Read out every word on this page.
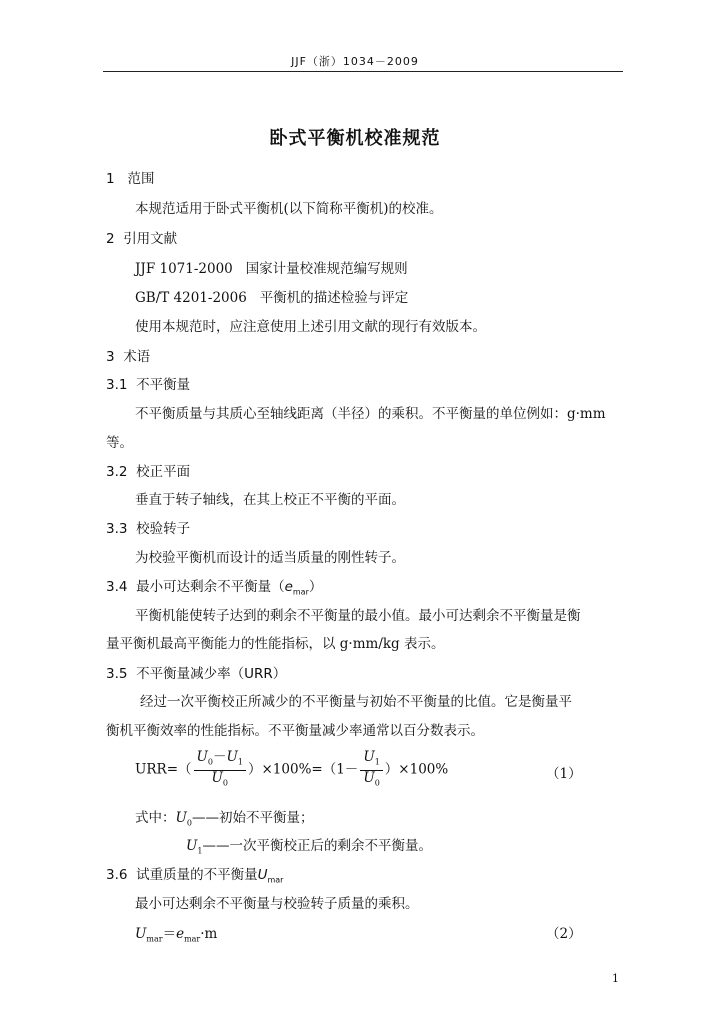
JJF（浙）1034－2009
卧式平衡机校准规范
1 范围
本规范适用于卧式平衡机(以下简称平衡机)的校准。
2 引用文献
JJF 1071-2000 国家计量校准规范编写规则
GB/T 4201-2006 平衡机的描述检验与评定
使用本规范时，应注意使用上述引用文献的现行有效版本。
3 术语
3.1 不平衡量
不平衡质量与其质心至轴线距离（半径）的乘积。不平衡量的单位例如：g·mm
等。
3.2 校正平面
垂直于转子轴线，在其上校正不平衡的平面。
3.3 校验转子
为校验平衡机而设计的适当质量的刚性转子。
3.4 最小可达剩余不平衡量$(e_{mar})$
平衡机能使转子达到的剩余不平衡量的最小值。最小可达剩余不平衡量是衡
量平衡机最高平衡能力的性能指标，以 g·mm/kg 表示。
3.5 不平衡量减少率（URR）
经过一次平衡校正所减少的不平衡量与初始不平衡量的比值。它是衡量平
衡机平衡效率的性能指标。不平衡量减少率通常以百分数表示。
$URR=( \frac{U_0-U_1}{U_0} )\times 100\%=(1- \frac{U_1}{U_0} )\times 100\%$	（1）
式中：$U_0——$初始不平衡量；
$U_1——$一次平衡校正后的剩余不平衡量。
3.6 试重质量的不平衡量$U_{mar}$
最小可达剩余不平衡量与校验转子质量的乘积。
$U_{mar}=e_{mar}\cdot m$	（2）
1
